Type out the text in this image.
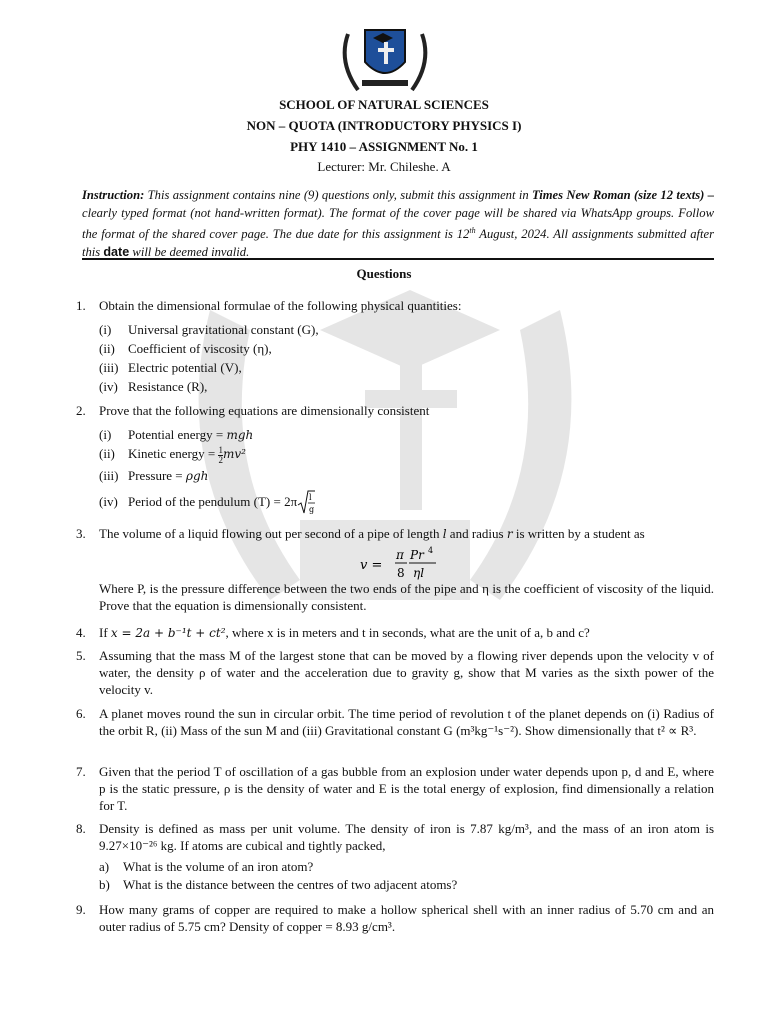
SCHOOL OF NATURAL SCIENCES
NON – QUOTA (INTRODUCTORY PHYSICS I)
PHY 1410 – ASSIGNMENT No. 1
Lecturer: Mr. Chileshe. A
Instruction: This assignment contains nine (9) questions only, submit this assignment in Times New Roman (size 12 texts) – clearly typed format (not hand-written format). The format of the cover page will be shared via WhatsApp groups. Follow the format of the shared cover page. The due date for this assignment is 12th August, 2024. All assignments submitted after this date will be deemed invalid.
Questions
1. Obtain the dimensional formulae of the following physical quantities:
(i) Universal gravitational constant (G),
(ii) Coefficient of viscosity (η),
(iii) Electric potential (V),
(iv) Resistance (R),
2. Prove that the following equations are dimensionally consistent
(i) Potential energy = mgh
(ii) Kinetic energy = $\frac{1}{2} mv^2$
(iii) Pressure = ρgh
(iv) Period of the pendulum (T) = 2π l
g
3. The volume of a liquid flowing out per second of a pipe of length l and radius r is written by a student as
v =
π
8
Pr 4
ηl
Where P, is the pressure difference between the two ends of the pipe and η is the coefficient of viscosity of the liquid. Prove that the equation is dimensionally consistent.
4. If x = 2a + b⁻¹t + ct², where x is in meters and t in seconds, what are the unit of a, b and c?
5. Assuming that the mass M of the largest stone that can be moved by a flowing river depends upon the velocity v of water, the density ρ of water and the acceleration due to gravity g, show that M varies as the sixth power of the velocity v.
6. A planet moves round the sun in circular orbit. The time period of revolution t of the planet depends on (i) Radius of the orbit R, (ii) Mass of the sun M and (iii) Gravitational constant G (m³kg⁻¹s⁻²). Show dimensionally that t² ∝ R³.
7. Given that the period T of oscillation of a gas bubble from an explosion under water depends upon p, d and E, where p is the static pressure, ρ is the density of water and E is the total energy of explosion, find dimensionally a relation for T.
8. Density is defined as mass per unit volume. The density of iron is 7.87 kg/m³, and the mass of an iron atom is 9.27×10⁻²⁶ kg. If atoms are cubical and tightly packed,
a) What is the volume of an iron atom?
b) What is the distance between the centres of two adjacent atoms?
9. How many grams of copper are required to make a hollow spherical shell with an inner radius of 5.70 cm and an outer radius of 5.75 cm? Density of copper = 8.93 g/cm³.
